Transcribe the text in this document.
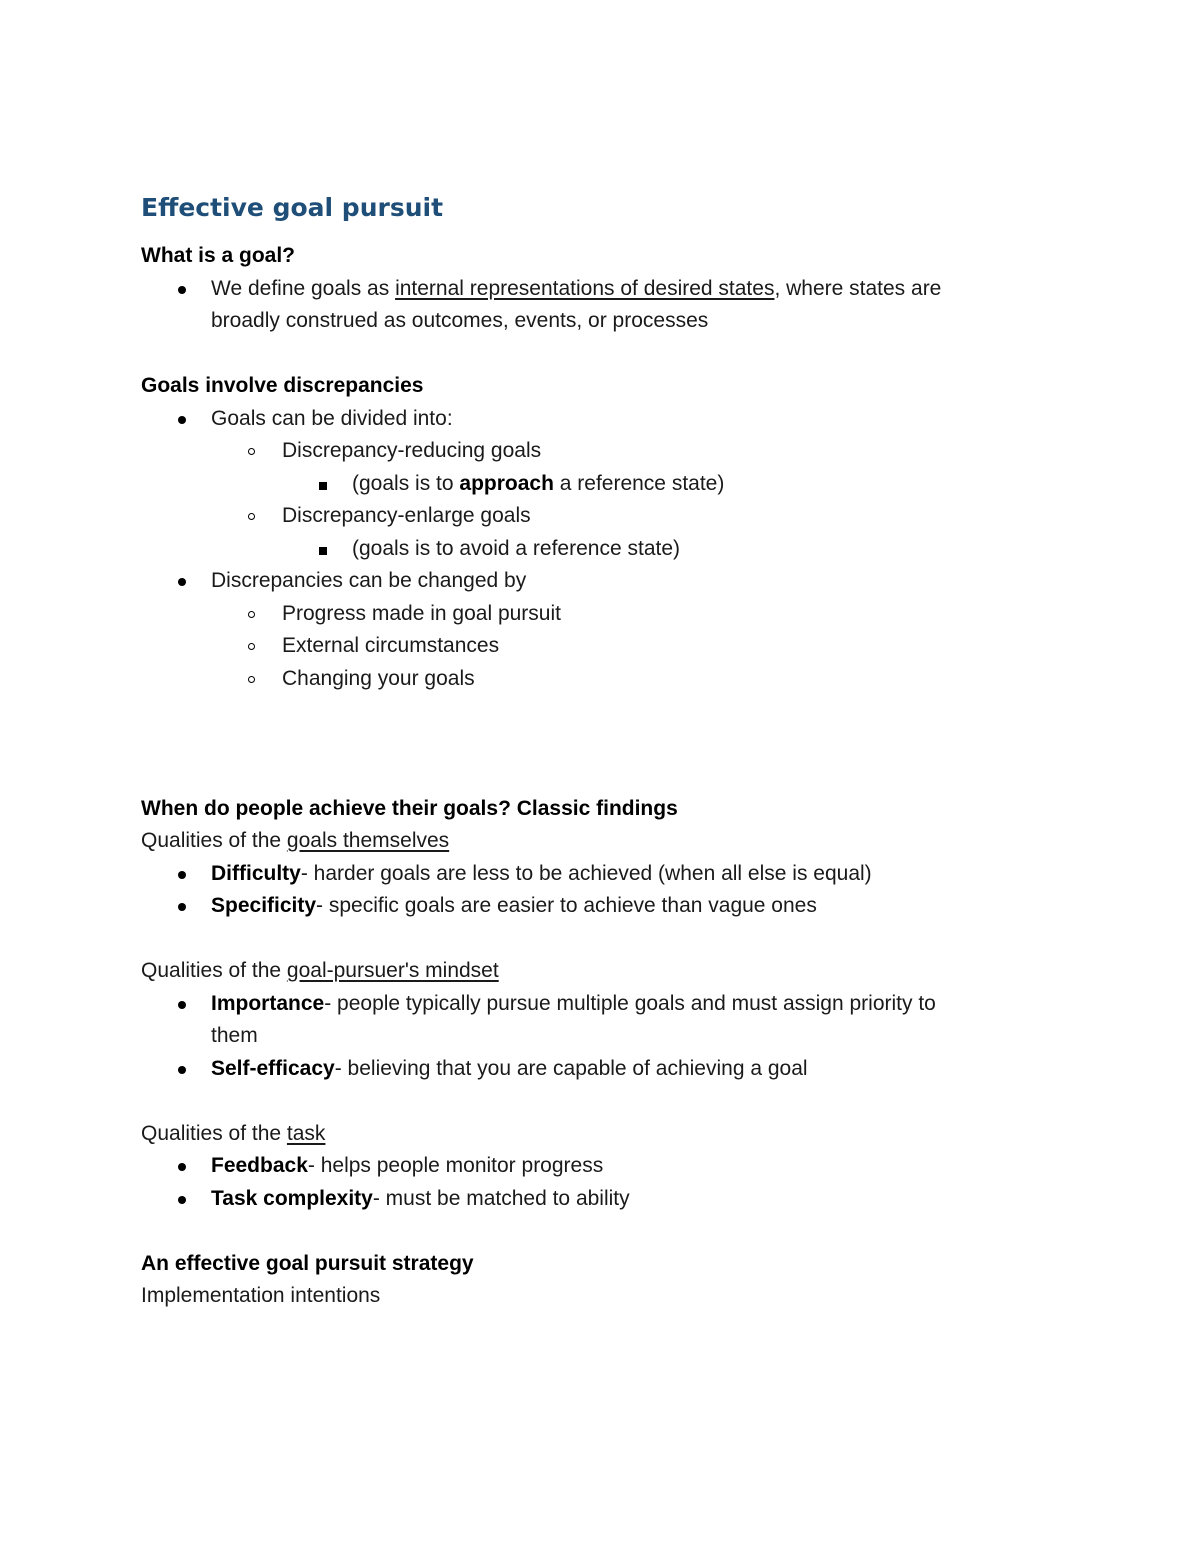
Effective goal pursuit

What is a goal?

We define goals as internal representations of desired states, where states are
broadly construed as outcomes, events, or processes

Goals involve discrepancies

Goals can be divided into:
Discrepancy-reducing goals
(goals is to approach a reference state)
Discrepancy-enlarge goals
(goals is to avoid a reference state)
Discrepancies can be changed by
Progress made in goal pursuit
External circumstances
Changing your goals

When do people achieve their goals? Classic findings

Qualities of the goals themselves
Difficulty- harder goals are less to be achieved (when all else is equal)
Specificity- specific goals are easier to achieve than vague ones
Qualities of the goal-pursuer's mindset
Importance- people typically pursue multiple goals and must assign priority to
them
Self-efficacy- believing that you are capable of achieving a goal
Qualities of the task
Feedback- helps people monitor progress
Task complexity- must be matched to ability

An effective goal pursuit strategy

Implementation intentions
